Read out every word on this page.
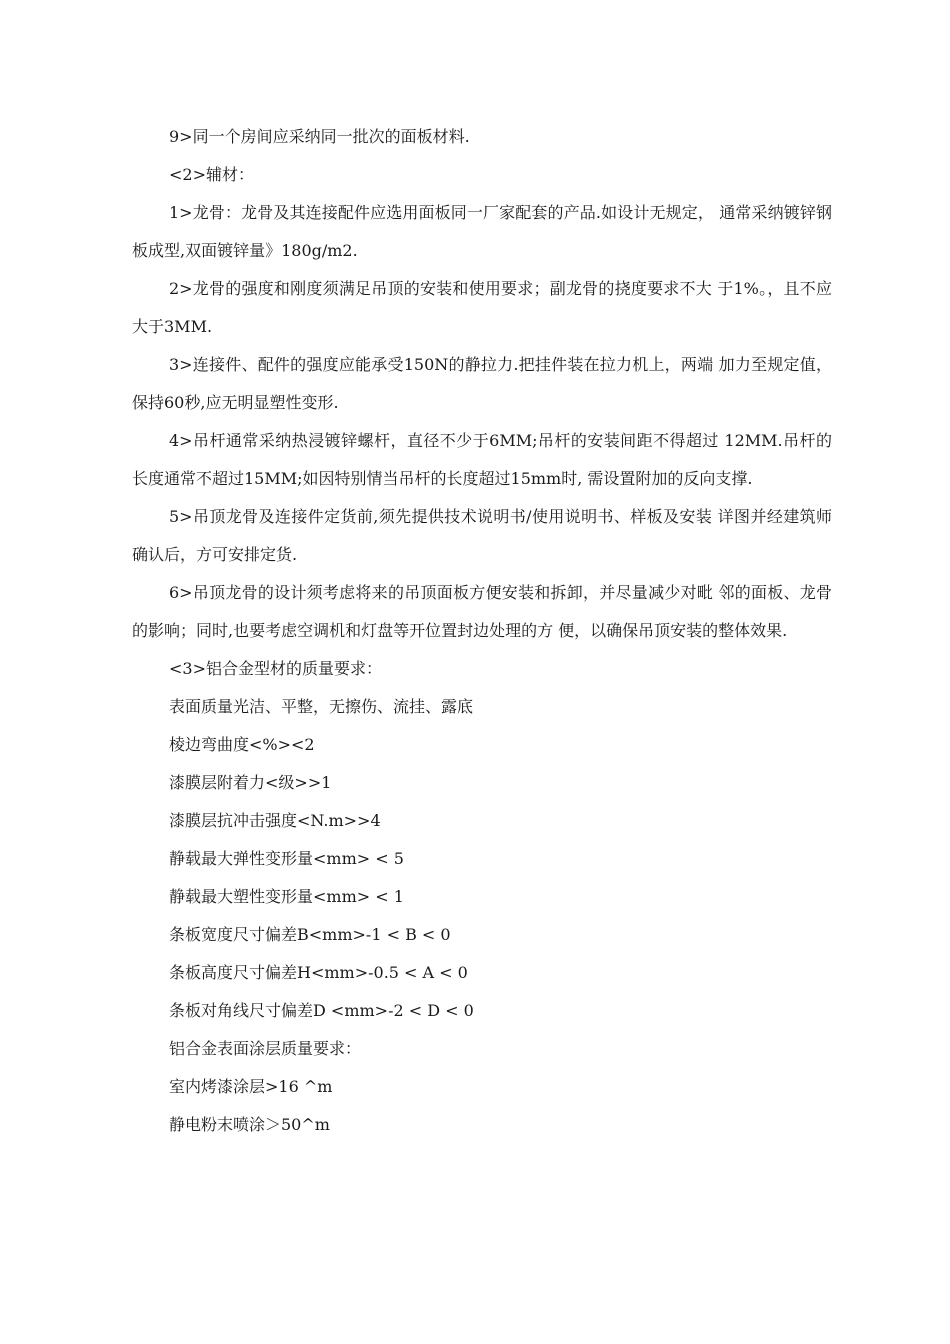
9>同一个房间应采纳同一批次的面板材料.

<2>辅材：

1>龙骨：龙骨及其连接配件应选用面板同一厂家配套的产品.如设计无规定， 通常采纳镀锌钢板成型,双面镀锌量》180g/m2.

2>龙骨的强度和刚度须满足吊顶的安装和使用要求；副龙骨的挠度要求不大 于1%。，且不应大于3MM.

3>连接件、配件的强度应能承受150N的静拉力.把挂件装在拉力机上，两端 加力至规定值，保持60秒,应无明显塑性变形.

4>吊杆通常采纳热浸镀锌螺杆，直径不少于6MM;吊杆的安装间距不得超过 12MM.吊杆的长度通常不超过15MM;如因特别情当吊杆的长度超过15mm时, 需设置附加的反向支撑.

5>吊顶龙骨及连接件定货前,须先提供技术说明书/使用说明书、样板及安装 详图并经建筑师确认后，方可安排定货.

6>吊顶龙骨的设计须考虑将来的吊顶面板方便安装和拆卸，并尽量减少对毗 邻的面板、龙骨的影响；同时,也要考虑空调机和灯盘等开位置封边处理的方 便，以确保吊顶安装的整体效果.

<3>铝合金型材的质量要求：

表面质量光洁、平整，无擦伤、流挂、露底

棱边弯曲度<%><2

漆膜层附着力<级>>1

漆膜层抗冲击强度<N.m>>4

静载最大弹性变形量<mm> < 5

静载最大塑性变形量<mm> < 1

条板宽度尺寸偏差B<mm>-1 < B < 0

条板高度尺寸偏差H<mm>-0.5 < A < 0

条板对角线尺寸偏差D <mm>-2 < D < 0

铝合金表面涂层质量要求：

室内烤漆涂层>16 ^m

静电粉末喷涂＞50^m
